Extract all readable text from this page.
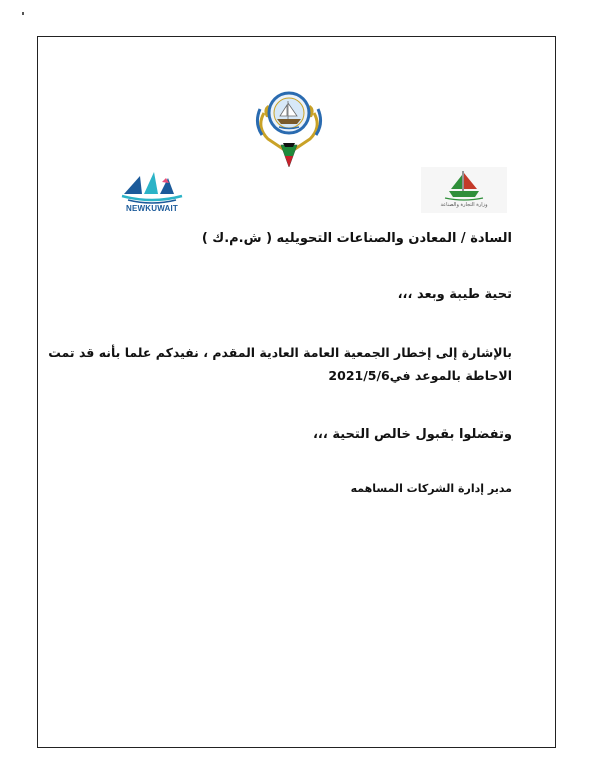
NEWKUWAIT	وزارة التجارة والصناعة
السادة / المعادن والصناعات التحويليه ( ش.م.ك )
تحية طيبة وبعد ،،،
بالإشارة إلى إخطار الجمعية العامة العادية المقدم ، نفيدكم علما بأنه قد تمت
الاحاطة بالموعد في2021/5/6
وتفضلوا بقبول خالص التحية ،،،
مدير إدارة الشركات المساهمه
